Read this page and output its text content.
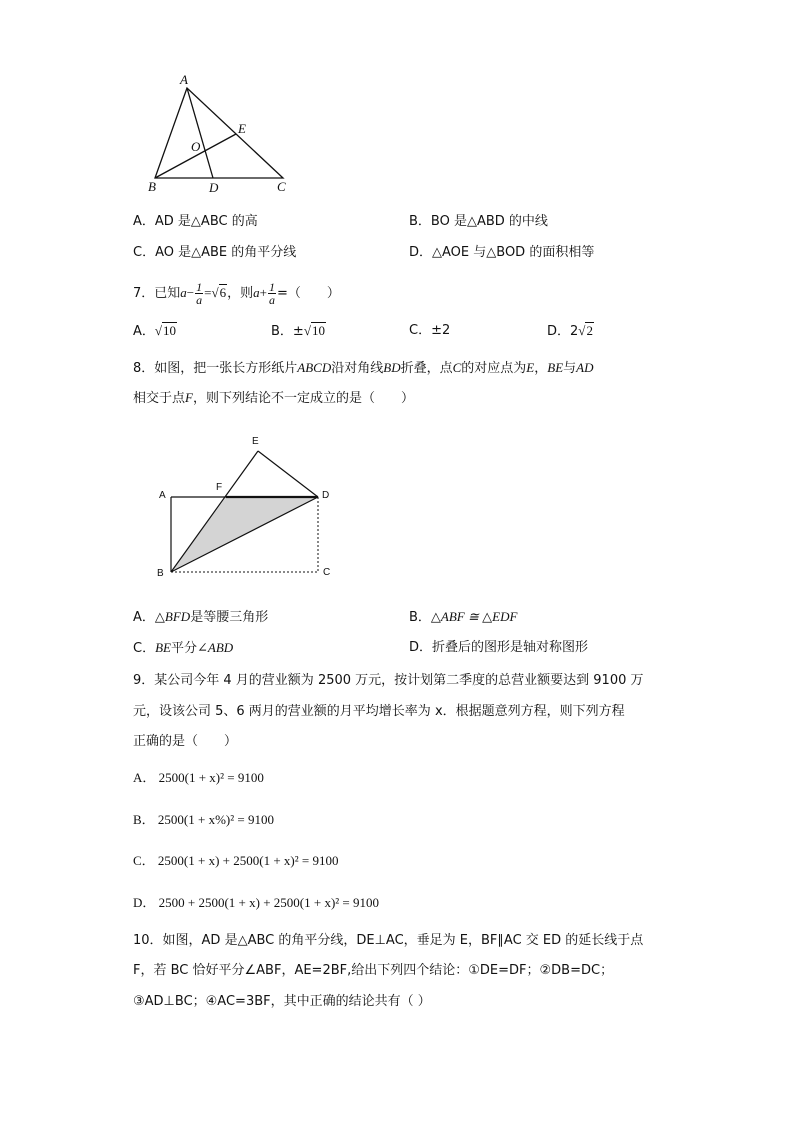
A
B	C
D
E
O
A．AD 是△ABC 的高	B．BO 是△ABD 的中线
C．AO 是△ABE 的角平分线	D．△AOE 与△BOD 的面积相等
7．已知$a- \frac{1}{a} =√6$，则$a+ \frac{1}{a}$ =（　　）
A．√10	B．±√10	C．±2	D．2√2
8．如图，把一张长方形纸片ABCD沿对角线BD折叠，点C的对应点为E，BE与AD
相交于点F，则下列结论不一定成立的是（　　）
A
B	C
D
E
F
A．△BFD是等腰三角形	B．△ABF ≅ △EDF
C．BE平分∠ABD	D．折叠后的图形是轴对称图形
9．某公司今年 4 月的营业额为 2500 万元，按计划第二季度的总营业额要达到 9100 万
元，设该公司 5、6 两月的营业额的月平均增长率为 x．根据题意列方程，则下列方程
正确的是（　　）
A． 2500(1 + x)² = 9100
B． 2500(1 + x%)² = 9100
C． 2500(1 + x) + 2500(1 + x)² = 9100
D． 2500 + 2500(1 + x) + 2500(1 + x)² = 9100
10．如图，AD 是△ABC 的角平分线，DE⊥AC，垂足为 E，BF∥AC 交 ED 的延长线于点
F，若 BC 恰好平分∠ABF，AE=2BF,给出下列四个结论：①DE=DF；②DB=DC；
③AD⊥BC；④AC=3BF，其中正确的结论共有（ ）
